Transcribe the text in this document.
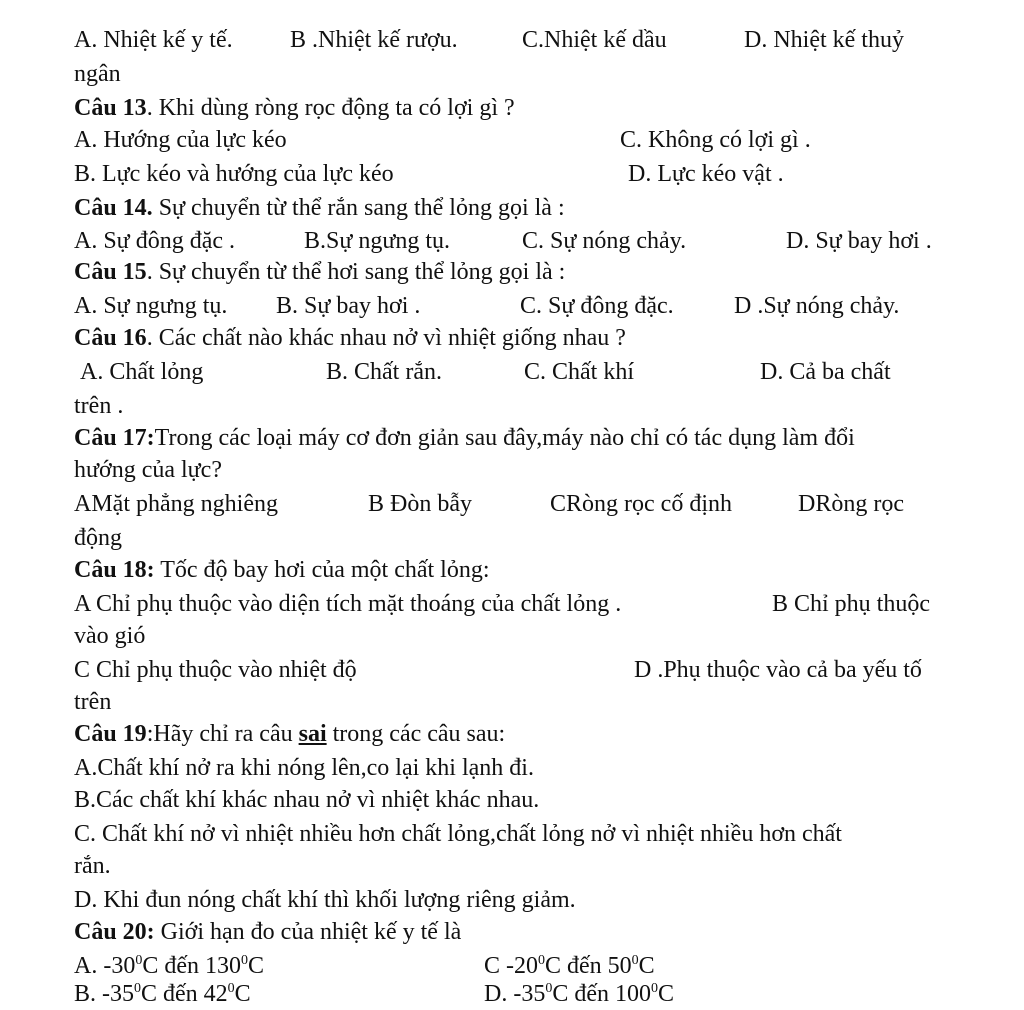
A. Nhiệt kế y tế. B .Nhiệt kế rượu.	C.Nhiệt kế dầu	D. Nhiệt kế thuỷ
ngân
Câu 13. Khi dùng ròng rọc động ta có lợi gì ?
A. Hướng của lực kéo	C. Không có lợi gì .
B. Lực kéo và hướng của lực kéo	D. Lực kéo vật .
Câu 14. Sự chuyển từ thể rắn sang thể lỏng gọi là :
A. Sự đông đặc .	B.Sự ngưng tụ.	C. Sự nóng chảy.	D. Sự bay hơi .
Câu 15. Sự chuyển từ thể hơi sang thể lỏng gọi là :
A. Sự ngưng tụ. B. Sự bay hơi .	C. Sự đông đặc.	D .Sự nóng chảy.
Câu 16. Các chất nào khác nhau nở vì nhiệt giống nhau ?
A. Chất lỏng	B. Chất rắn.	C. Chất khí	D. Cả ba chất
trên .
Câu 17:Trong các loại máy cơ đơn giản sau đây,máy nào chỉ có tác dụng làm đổi
hướng của lực?
AMặt phẳng nghiêng	B Đòn bẫy	CRòng rọc cố định	DRòng rọc
động
Câu 18: Tốc độ bay hơi của một chất lỏng:
A Chỉ phụ thuộc vào diện tích mặt thoáng của chất lỏng .	B Chỉ phụ thuộc
vào gió
C Chỉ phụ thuộc vào nhiệt độ	D .Phụ thuộc vào cả ba yếu tố
trên
Câu 19:Hãy chỉ ra câu sai trong các câu sau:
A.Chất khí nở ra khi nóng lên,co lại khi lạnh đi.
B.Các chất khí khác nhau nở vì nhiệt khác nhau.
C. Chất khí nở vì nhiệt nhiều hơn chất lỏng,chất lỏng nở vì nhiệt nhiều hơn chất
rắn.
D. Khi đun nóng chất khí thì khối lượng riêng giảm.
Câu 20: Giới hạn đo của nhiệt kế y tế là
A. $-30^0C$ đến $130^0C$	C $-20^0C$ đến $50^0C$
B. $-35^0C$ đến $42^0C$	D. $-35^0C$ đến $100^0C$
